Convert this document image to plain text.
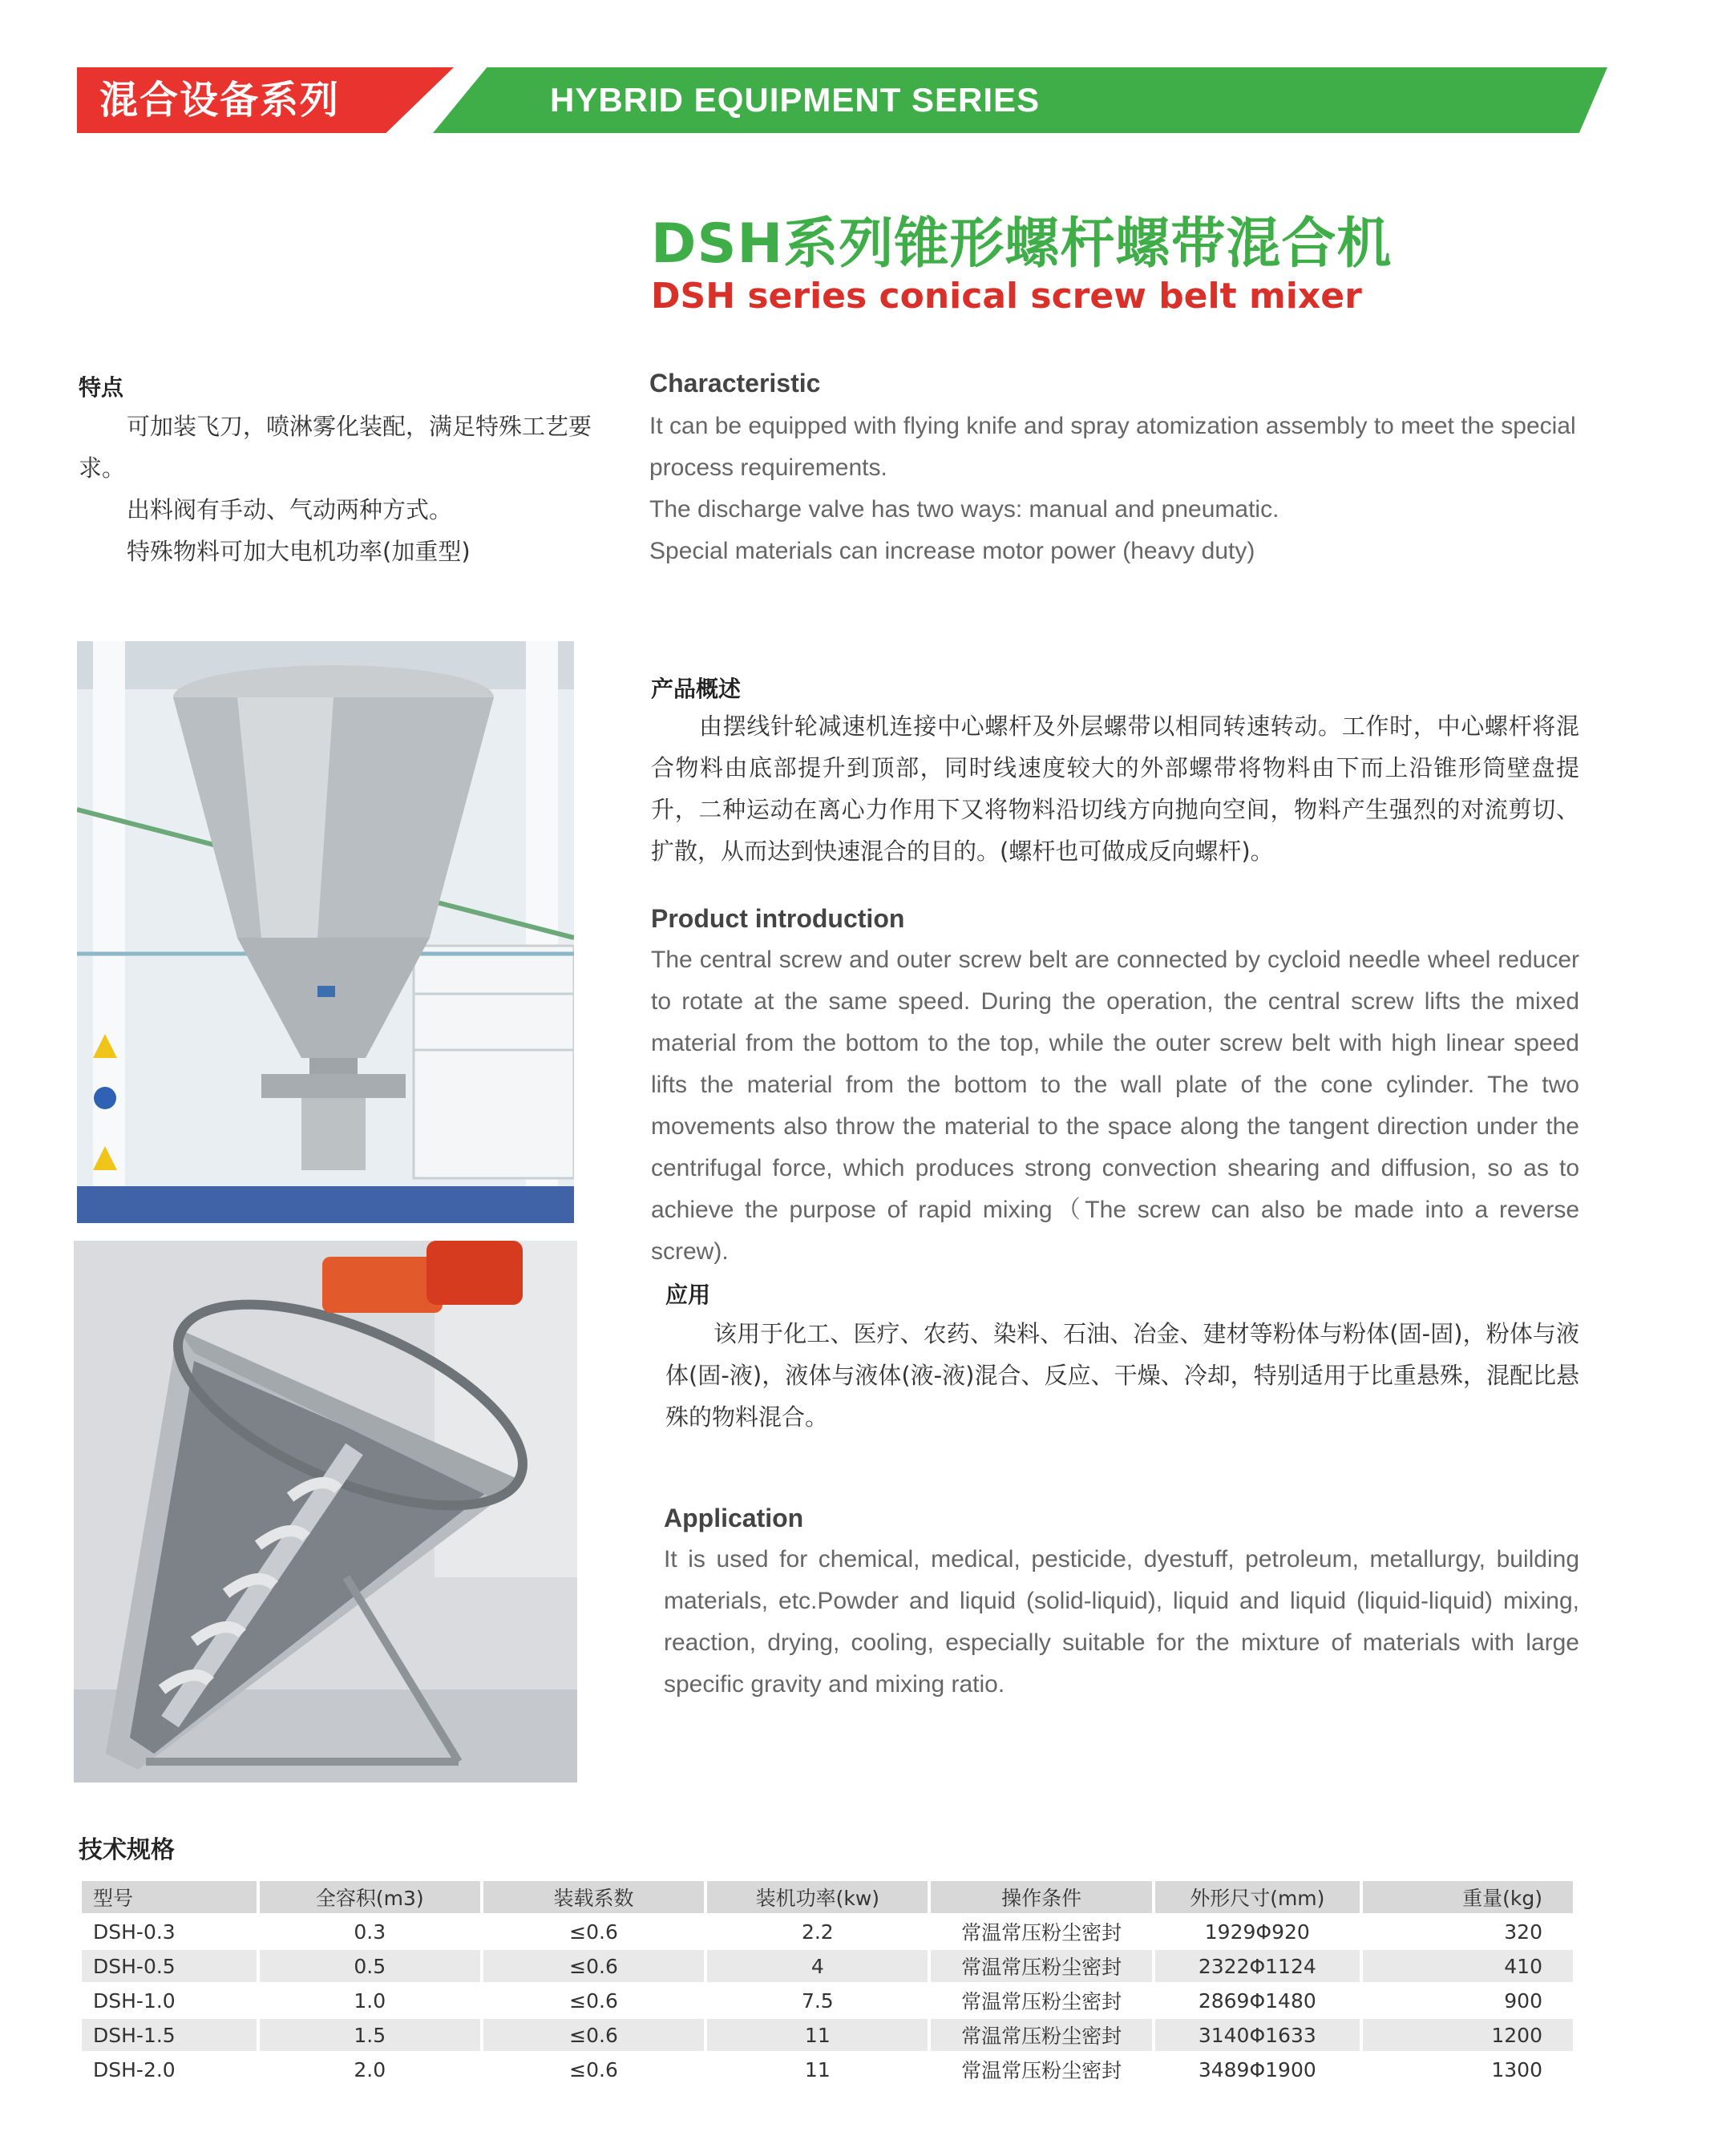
混合设备系列	HYBRID EQUIPMENT SERIES
DSH系列锥形螺杆螺带混合机
DSH series conical screw belt mixer
特点

可加装飞刀，喷淋雾化装配，满足特殊工艺要求。

出料阀有手动、气动两种方式。

特殊物料可加大电机功率(加重型)

Characteristic

It can be equipped with flying knife and spray atomization assembly to meet the special process requirements.

The discharge valve has two ways: manual and pneumatic.

Special materials can increase motor power (heavy duty)

产品概述

由摆线针轮减速机连接中心螺杆及外层螺带以相同转速转动。工作时，中心螺杆将混合物料由底部提升到顶部，同时线速度较大的外部螺带将物料由下而上沿锥形筒壁盘提升，二种运动在离心力作用下又将物料沿切线方向抛向空间，物料产生强烈的对流剪切、扩散，从而达到快速混合的目的。(螺杆也可做成反向螺杆)。

Product introduction

The central screw and outer screw belt are connected by cycloid needle wheel reducer to rotate at the same speed. During the operation, the central screw lifts the mixed material from the bottom to the top, while the outer screw belt with high linear speed lifts the material from the bottom to the wall plate of the cone cylinder. The two movements also throw the material to the space along the tangent direction under the centrifugal force, which produces strong convection shearing and diffusion, so as to achieve the purpose of rapid mixing（The screw can also be made into a reverse screw).

应用

该用于化工、医疗、农药、染料、石油、冶金、建材等粉体与粉体(固-固)，粉体与液体(固-液)，液体与液体(液-液)混合、反应、干燥、冷却，特别适用于比重悬殊，混配比悬殊的物料混合。

Application

It is used for chemical, medical, pesticide, dyestuff, petroleum, metallurgy, building materials, etc.Powder and liquid (solid-liquid), liquid and liquid (liquid-liquid) mixing, reaction, drying, cooling, especially suitable for the mixture of materials with large specific gravity and mixing ratio.

技术规格
型号	全容积(m3)	装载系数	装机功率(kw)	操作条件	外形尺寸(mm)	重量(kg)
DSH-0.3	0.3	≤0.6	2.2	常温常压粉尘密封	1929Φ920	320
DSH-0.5	0.5	≤0.6	4	常温常压粉尘密封	2322Φ1124	410
DSH-1.0	1.0	≤0.6	7.5	常温常压粉尘密封	2869Φ1480	900
DSH-1.5	1.5	≤0.6	11	常温常压粉尘密封	3140Φ1633	1200
DSH-2.0	2.0	≤0.6	11	常温常压粉尘密封	3489Φ1900	1300
